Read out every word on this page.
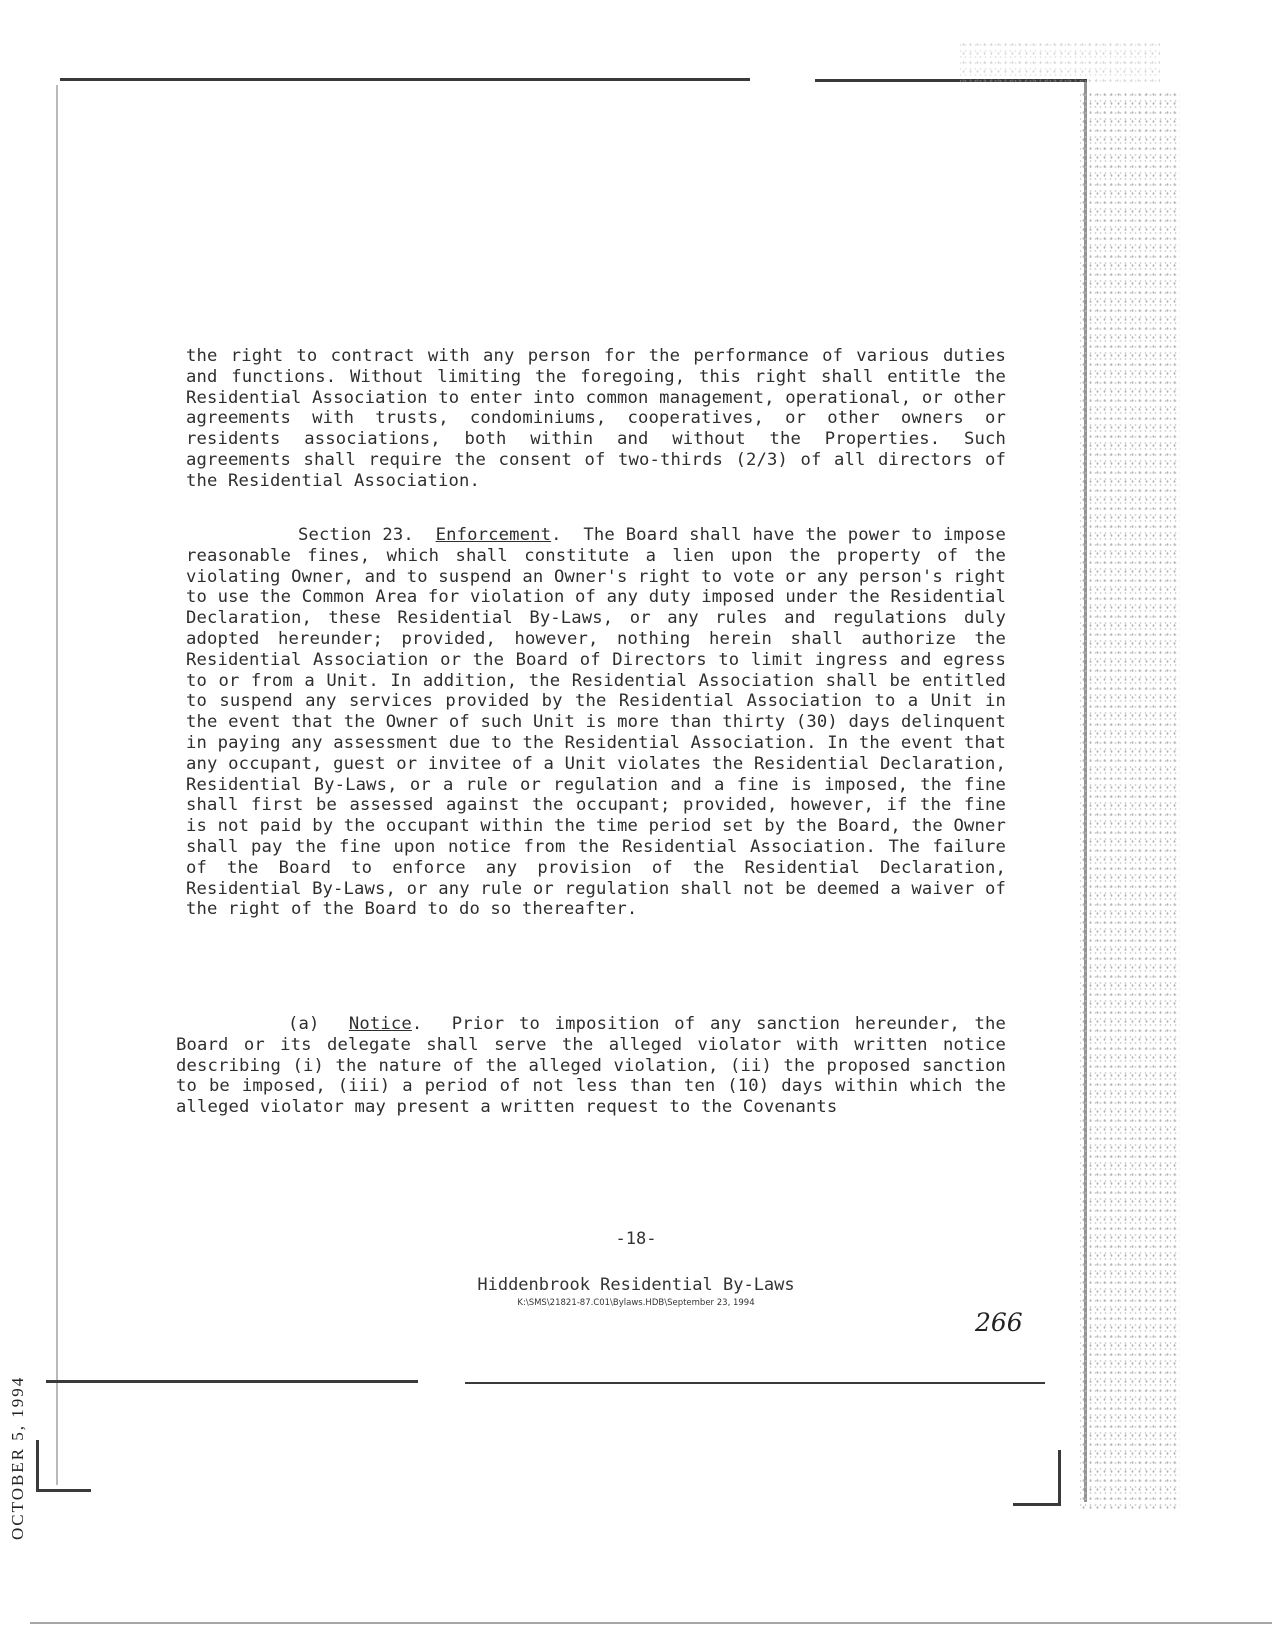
the right to contract with any person for the performance of various duties and functions. Without limiting the foregoing, this right shall entitle the Residential Association to enter into common management, operational, or other agreements with trusts, condominiums, cooperatives, or other owners or residents associations, both within and without the Properties. Such agreements shall require the consent of two-thirds (2/3) of all directors of the Residential Association.

Section 23. Enforcement. The Board shall have the power to impose reasonable fines, which shall constitute a lien upon the property of the violating Owner, and to suspend an Owner's right to vote or any person's right to use the Common Area for violation of any duty imposed under the Residential Declaration, these Residential By-Laws, or any rules and regulations duly adopted hereunder; provided, however, nothing herein shall authorize the Residential Association or the Board of Directors to limit ingress and egress to or from a Unit. In addition, the Residential Association shall be entitled to suspend any services provided by the Residential Association to a Unit in the event that the Owner of such Unit is more than thirty (30) days delinquent in paying any assessment due to the Residential Association. In the event that any occupant, guest or invitee of a Unit violates the Residential Declaration, Residential By-Laws, or a rule or regulation and a fine is imposed, the fine shall first be assessed against the occupant; provided, however, if the fine is not paid by the occupant within the time period set by the Board, the Owner shall pay the fine upon notice from the Residential Association. The failure of the Board to enforce any provision of the Residential Declaration, Residential By-Laws, or any rule or regulation shall not be deemed a waiver of the right of the Board to do so thereafter.

(a) Notice. Prior to imposition of any sanction hereunder, the Board or its delegate shall serve the alleged violator with written notice describing (i) the nature of the alleged violation, (ii) the proposed sanction to be imposed, (iii) a period of not less than ten (10) days within which the alleged violator may present a written request to the Covenants

-18-
Hiddenbrook Residential By-Laws
K:\SMS\21821-87.C01\Bylaws.HDB\September 23, 1994
266
OCTOBER 5, 1994
